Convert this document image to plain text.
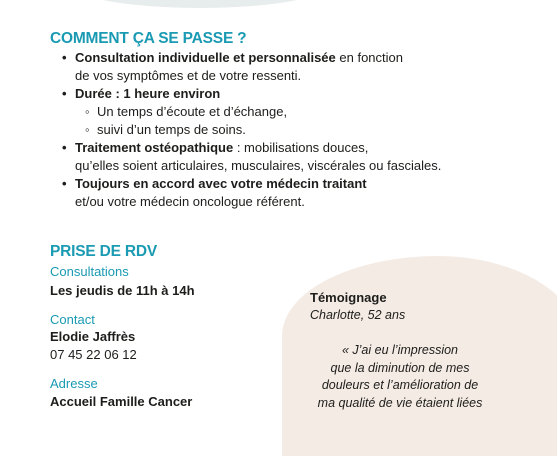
COMMENT ÇA SE PASSE ?
• Consultation individuelle et personnalisée en fonction
de vos symptômes et de votre ressenti.
• Durée : 1 heure environ
◦ Un temps d’écoute et d’échange,
◦ suivi d’un temps de soins.
• Traitement ostéopathique : mobilisations douces,
qu’elles soient articulaires, musculaires, viscérales ou fasciales.
• Toujours en accord avec votre médecin traitant
et/ou votre médecin oncologue référent.
PRISE DE RDV
Consultations
Les jeudis de 11h à 14h
Contact
Elodie Jaffrès
07 45 22 06 12
Adresse
Accueil Famille Cancer
Témoignage
Charlotte, 52 ans
« J’ai eu l’impression
que la diminution de mes
douleurs et l’amélioration de
ma qualité de vie étaient liées
